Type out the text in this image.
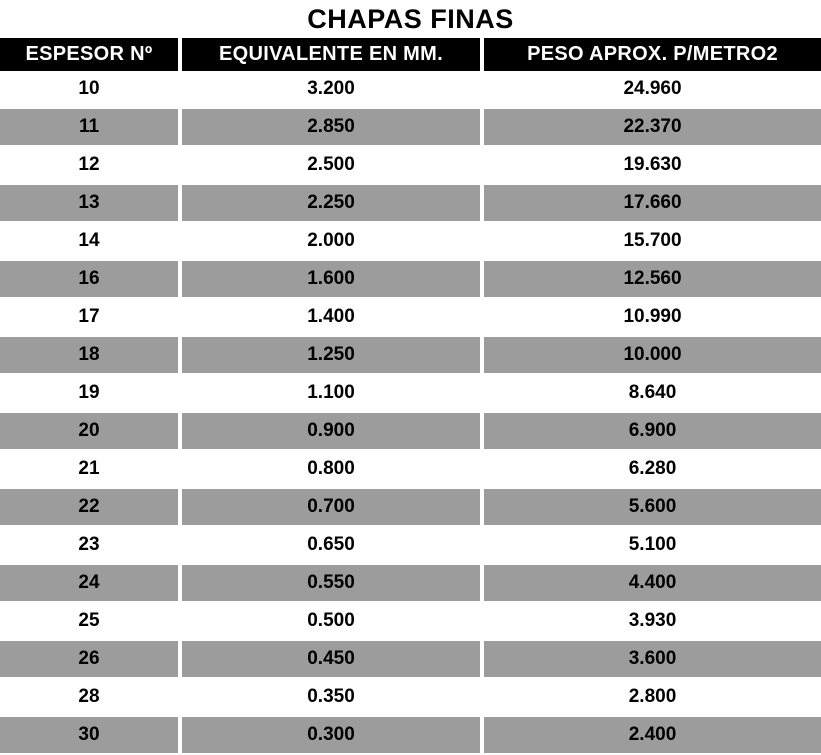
CHAPAS FINAS
ESPESOR Nº	EQUIVALENTE EN MM.	PESO APROX. P/METRO2
10	3.200	24.960
11	2.850	22.370
12	2.500	19.630
13	2.250	17.660
14	2.000	15.700
16	1.600	12.560
17	1.400	10.990
18	1.250	10.000
19	1.100	8.640
20	0.900	6.900
21	0.800	6.280
22	0.700	5.600
23	0.650	5.100
24	0.550	4.400
25	0.500	3.930
26	0.450	3.600
28	0.350	2.800
30	0.300	2.400
